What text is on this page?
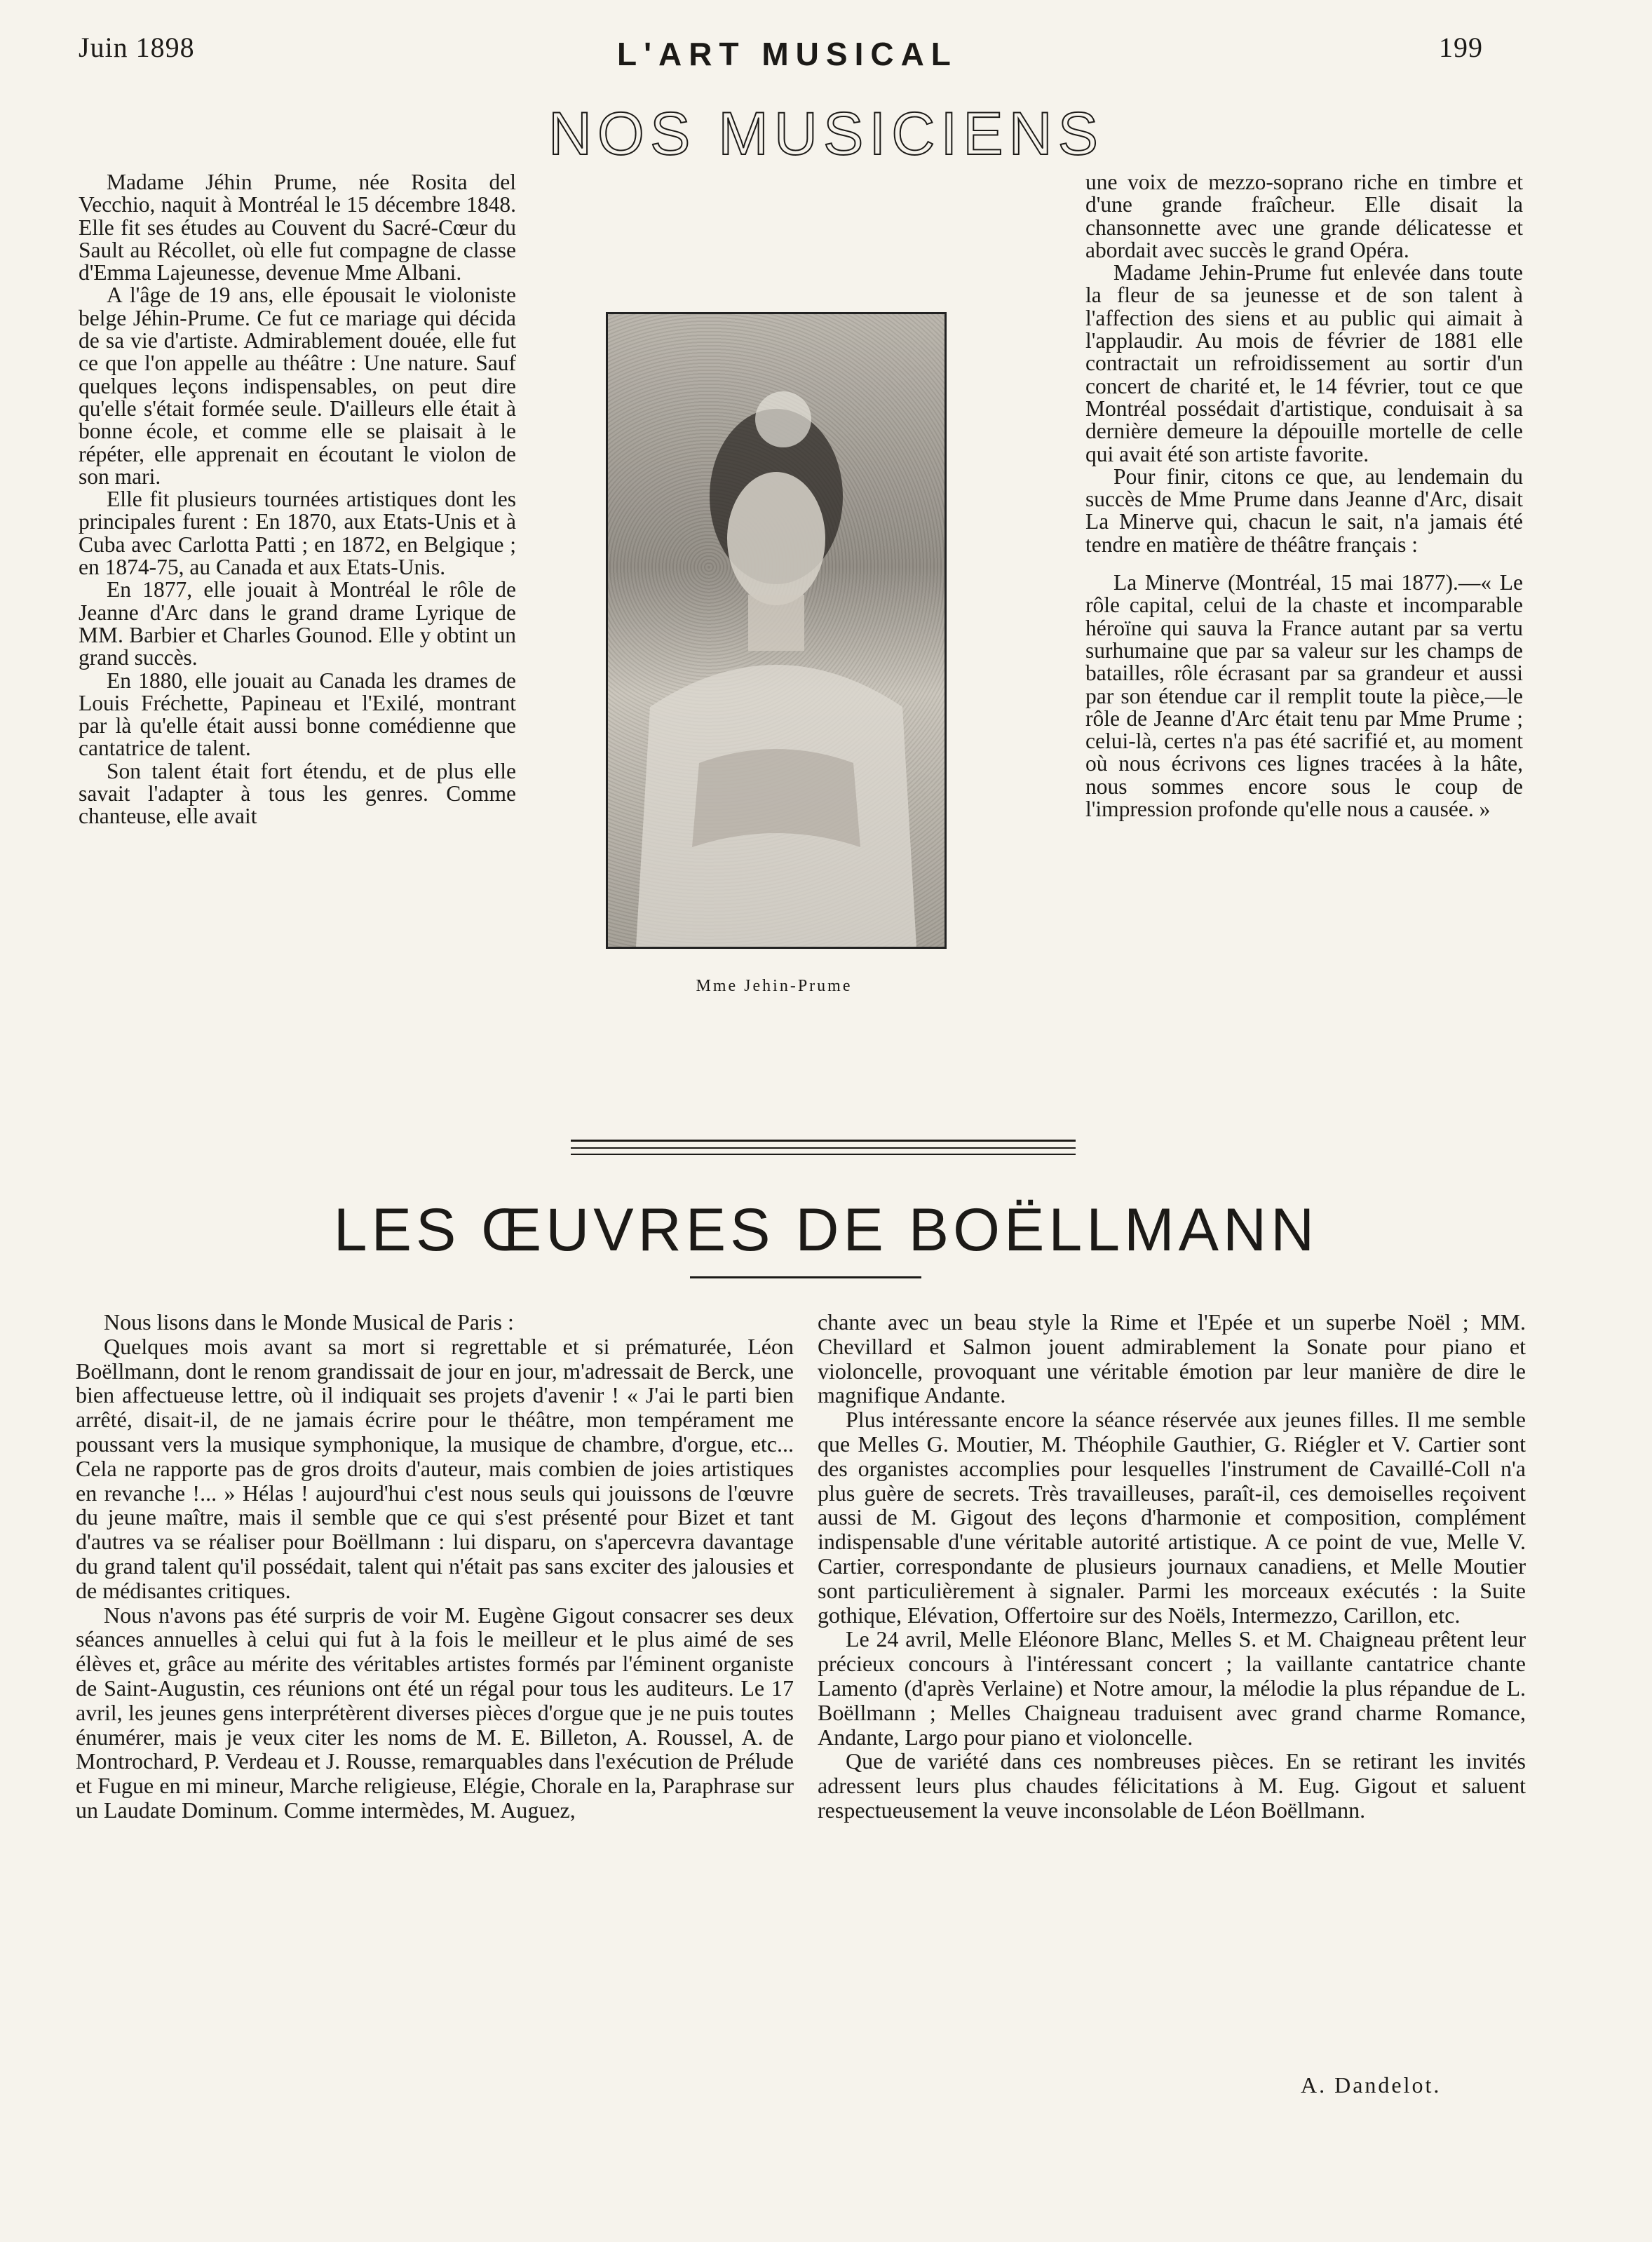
Juin 1898	L'ART MUSICAL	199
NOS MUSICIENS

Madame Jéhin Prume, née Rosita del Vecchio, naquit à Montréal le 15 décembre 1848. Elle fit ses études au Couvent du Sacré-Cœur du Sault au Récollet, où elle fut compagne de classe d'Emma Lajeunesse, devenue Mme Albani.

A l'âge de 19 ans, elle épousait le violoniste belge Jéhin-Prume. Ce fut ce mariage qui décida de sa vie d'artiste. Admirablement douée, elle fut ce que l'on appelle au théâtre : Une nature. Sauf quelques leçons indispensables, on peut dire qu'elle s'était formée seule. D'ailleurs elle était à bonne école, et comme elle se plaisait à le répéter, elle apprenait en écoutant le violon de son mari.

Elle fit plusieurs tournées artistiques dont les principales furent : En 1870, aux Etats-Unis et à Cuba avec Carlotta Patti ; en 1872, en Belgique ; en 1874-75, au Canada et aux Etats-Unis.

En 1877, elle jouait à Montréal le rôle de Jeanne d'Arc dans le grand drame Lyrique de MM. Barbier et Charles Gounod. Elle y obtint un grand succès.

En 1880, elle jouait au Canada les drames de Louis Fréchette, Papineau et l'Exilé, montrant par là qu'elle était aussi bonne comédienne que cantatrice de talent.

Son talent était fort étendu, et de plus elle savait l'adapter à tous les genres. Comme chanteuse, elle avait

Mme Jehin-Prume

une voix de mezzo-soprano riche en timbre et d'une grande fraîcheur. Elle disait la chansonnette avec une grande délicatesse et abordait avec succès le grand Opéra.

Madame Jehin-Prume fut enlevée dans toute la fleur de sa jeunesse et de son talent à l'affection des siens et au public qui aimait à l'applaudir. Au mois de février de 1881 elle contractait un refroidissement au sortir d'un concert de charité et, le 14 février, tout ce que Montréal possédait d'artistique, conduisait à sa dernière demeure la dépouille mortelle de celle qui avait été son artiste favorite.

Pour finir, citons ce que, au lendemain du succès de Mme Prume dans Jeanne d'Arc, disait La Minerve qui, chacun le sait, n'a jamais été tendre en matière de théâtre français :

La Minerve (Montréal, 15 mai 1877).—« Le rôle capital, celui de la chaste et incomparable héroïne qui sauva la France autant par sa vertu surhumaine que par sa valeur sur les champs de batailles, rôle écrasant par sa grandeur et aussi par son étendue car il remplit toute la pièce,—le rôle de Jeanne d'Arc était tenu par Mme Prume ; celui-là, certes n'a pas été sacrifié et, au moment où nous écrivons ces lignes tracées à la hâte, nous sommes encore sous le coup de l'impression profonde qu'elle nous a causée. »

LES ŒUVRES DE BOËLLMANN

Nous lisons dans le Monde Musical de Paris :

Quelques mois avant sa mort si regrettable et si prématurée, Léon Boëllmann, dont le renom grandissait de jour en jour, m'adressait de Berck, une bien affectueuse lettre, où il indiquait ses projets d'avenir ! « J'ai le parti bien arrêté, disait-il, de ne jamais écrire pour le théâtre, mon tempérament me poussant vers la musique symphonique, la musique de chambre, d'orgue, etc... Cela ne rapporte pas de gros droits d'auteur, mais combien de joies artistiques en revanche !... » Hélas ! aujourd'hui c'est nous seuls qui jouissons de l'œuvre du jeune maître, mais il semble que ce qui s'est présenté pour Bizet et tant d'autres va se réaliser pour Boëllmann : lui disparu, on s'apercevra davantage du grand talent qu'il possédait, talent qui n'était pas sans exciter des jalousies et de médisantes critiques.

Nous n'avons pas été surpris de voir M. Eugène Gigout consacrer ses deux séances annuelles à celui qui fut à la fois le meilleur et le plus aimé de ses élèves et, grâce au mérite des véritables artistes formés par l'éminent organiste de Saint-Augustin, ces réunions ont été un régal pour tous les auditeurs. Le 17 avril, les jeunes gens interprétèrent diverses pièces d'orgue que je ne puis toutes énumérer, mais je veux citer les noms de M. E. Billeton, A. Roussel, A. de Montrochard, P. Verdeau et J. Rousse, remarquables dans l'exécution de Prélude et Fugue en mi mineur, Marche religieuse, Elégie, Chorale en la, Paraphrase sur un Laudate Dominum. Comme intermèdes, M. Auguez,

chante avec un beau style la Rime et l'Epée et un superbe Noël ; MM. Chevillard et Salmon jouent admirablement la Sonate pour piano et violoncelle, provoquant une véritable émotion par leur manière de dire le magnifique Andante.

Plus intéressante encore la séance réservée aux jeunes filles. Il me semble que Melles G. Moutier, M. Théophile Gauthier, G. Riégler et V. Cartier sont des organistes accomplies pour lesquelles l'instrument de Cavaillé-Coll n'a plus guère de secrets. Très travailleuses, paraît-il, ces demoiselles reçoivent aussi de M. Gigout des leçons d'harmonie et composition, complément indispensable d'une véritable autorité artistique. A ce point de vue, Melle V. Cartier, correspondante de plusieurs journaux canadiens, et Melle Moutier sont particulièrement à signaler. Parmi les morceaux exécutés : la Suite gothique, Elévation, Offertoire sur des Noëls, Intermezzo, Carillon, etc.

Le 24 avril, Melle Eléonore Blanc, Melles S. et M. Chaigneau prêtent leur précieux concours à l'intéressant concert ; la vaillante cantatrice chante Lamento (d'après Verlaine) et Notre amour, la mélodie la plus répandue de L. Boëllmann ; Melles Chaigneau traduisent avec grand charme Romance, Andante, Largo pour piano et violoncelle.

Que de variété dans ces nombreuses pièces. En se retirant les invités adressent leurs plus chaudes félicitations à M. Eug. Gigout et saluent respectueusement la veuve inconsolable de Léon Boëllmann.

A. Dandelot.
